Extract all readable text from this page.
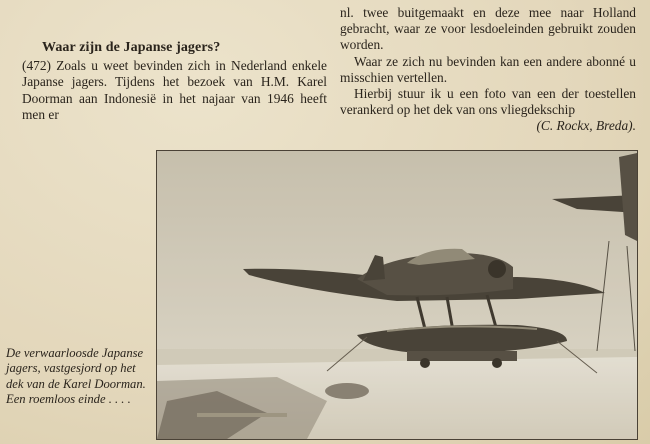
Waar zijn de Japanse jagers?

(472) Zoals u weet bevinden zich in Nederland enkele Japanse jagers. Tijdens het bezoek van H.M. Karel Doorman aan Indonesië in het najaar van 1946 heeft men er

nl. twee buitgemaakt en deze mee naar Holland gebracht, waar ze voor lesdoeleinden gebruikt zouden worden.

Waar ze zich nu bevinden kan een andere abonné u misschien vertellen.

Hierbij stuur ik u een foto van een der toestellen verankerd op het dek van ons vliegdekschip
(C. Rockx, Breda).

De verwaarloosde Japanse jagers, vastgesjord op het dek van de Karel Doorman. Een roemloos einde . . . .
